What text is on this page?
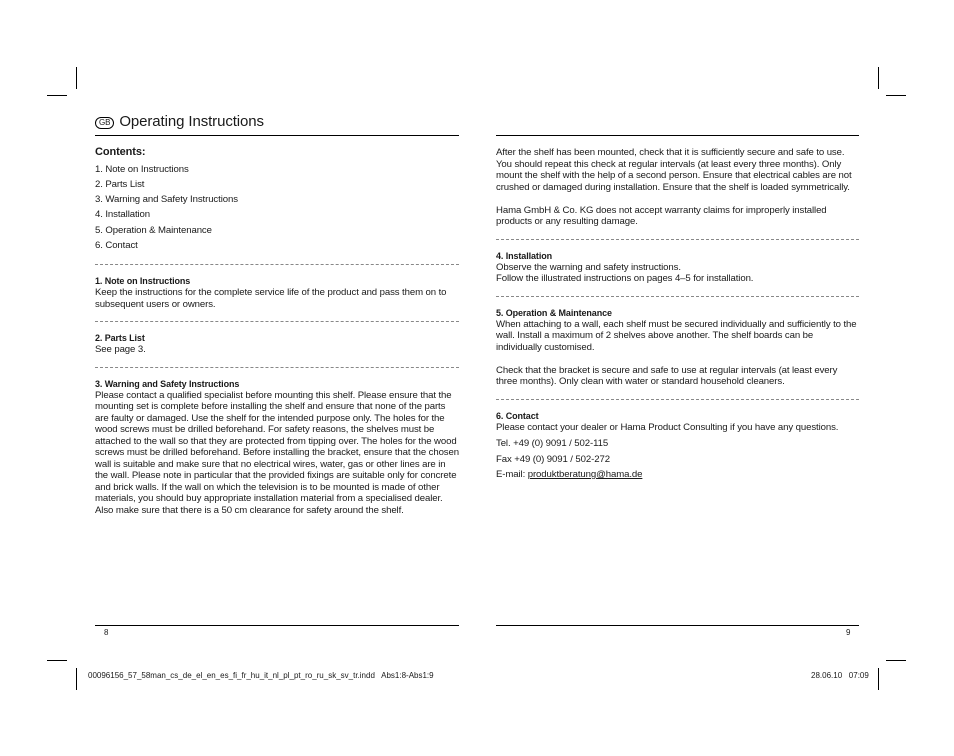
GB Operating Instructions
Contents:
1. Note on Instructions
2. Parts List
3. Warning and Safety Instructions
4. Installation
5. Operation & Maintenance
6. Contact
1. Note on Instructions

Keep the instructions for the complete service life of the product and pass them on to subsequent users or owners.

2. Parts List

See page 3.

3. Warning and Safety Instructions

Please contact a qualified specialist before mounting this shelf. Please ensure that the mounting set is complete before installing the shelf and ensure that none of the parts are faulty or damaged. Use the shelf for the intended purpose only. The holes for the wood screws must be drilled beforehand. For safety reasons, the shelves must be attached to the wall so that they are protected from tipping over. The holes for the wood screws must be drilled beforehand. Before installing the bracket, ensure that the chosen wall is suitable and make sure that no electrical wires, water, gas or other lines are in the wall. Please note in particular that the provided fixings are suitable only for concrete and brick walls. If the wall on which the television is to be mounted is made of other materials, you should buy appropriate installation material from a specialised dealer. Also make sure that there is a 50 cm clearance for safety around the shelf.

After the shelf has been mounted, check that it is sufficiently secure and safe to use. You should repeat this check at regular intervals (at least every three months). Only mount the shelf with the help of a second person. Ensure that electrical cables are not crushed or damaged during installation. Ensure that the shelf is loaded symmetrically.

Hama GmbH & Co. KG does not accept warranty claims for improperly installed products or any resulting damage.

4. Installation

Observe the warning and safety instructions.

Follow the illustrated instructions on pages 4–5 for installation.

5. Operation & Maintenance

When attaching to a wall, each shelf must be secured individually and sufficiently to the wall. Install a maximum of 2 shelves above another. The shelf boards can be individually customised.

Check that the bracket is secure and safe to use at regular intervals (at least every three months). Only clean with water or standard household cleaners.

6. Contact

Please contact your dealer or Hama Product Consulting if you have any questions.

Tel. +49 (0) 9091 / 502-115

Fax +49 (0) 9091 / 502-272

E-mail: produktberatung@hama.de

8	9
00096156_57_58man_cs_de_el_en_es_fi_fr_hu_it_nl_pl_pt_ro_ru_sk_sv_tr.indd   Abs1:8-Abs1:9	28.06.10   07:09
